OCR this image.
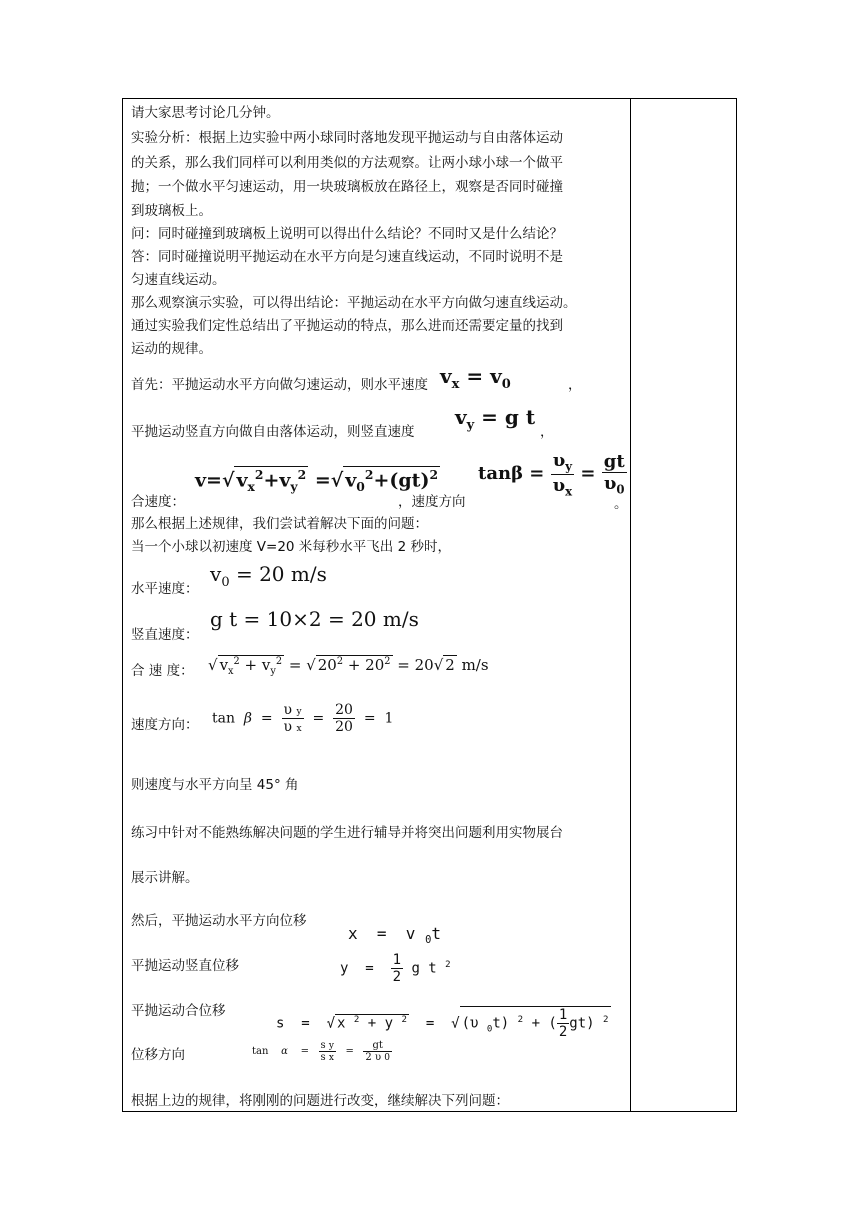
请大家思考讨论几分钟。
实验分析：根据上边实验中两小球同时落地发现平抛运动与自由落体运动
的关系，那么我们同样可以利用类似的方法观察。让两小球小球一个做平
抛；一个做水平匀速运动，用一块玻璃板放在路径上，观察是否同时碰撞
到玻璃板上。
问：同时碰撞到玻璃板上说明可以得出什么结论？不同时又是什么结论？
答：同时碰撞说明平抛运动在水平方向是匀速直线运动，不同时说明不是
匀速直线运动。
那么观察演示实验，可以得出结论：平抛运动在水平方向做匀速直线运动。
通过实验我们定性总结出了平抛运动的特点，那么进而还需要定量的找到
运动的规律。
首先：平抛运动水平方向做匀速运动，则水平速度 $v_x = v_0$	，
平抛运动竖直方向做自由落体运动，则竖直速度
$v_y = g$ t
，
合速度：
v=√ $v_x^2+v_y^2$ =√ $v_0^2+(gt)^2$
，速度方向
$\tan\beta = \frac{\upsilon_y}{\upsilon_x} = \frac{gt}{\upsilon_0}$
。
那么根据上述规律，我们尝试着解决下面的问题：
当一个小球以初速度 V=20 米每秒水平飞出 2 秒时，
水平速度：
$v_0 = 20$ m/s
竖直速度：
g t = 10×2 = 20 m/s
合 速 度： √ $v_x^2 + v_y^2$ = √ $20^2 + 20^2 = 20√$ 2 m/s
速度方向： $\tan \beta = \frac{\text{υ y}}{\text{υ x}} = \frac{20}{20} = 1$
则速度与水平方向呈 45° 角
练习中针对不能熟练解决问题的学生进行辅导并将突出问题利用实物展台
展示讲解。
然后，平抛运动水平方向位移
x  =  v $_0$t
平抛运动竖直位移	$y = \frac{1}{2}$ g t $^2$
平抛运动合位移
s  =  √ x $^2$ + y $^2$  =  √ (υ $_0$t) $^2$ + ( $\frac{1}{2} gt$) $^2$
位移方向	tan    α    = $\frac{\text{s y}}{\text{s x}} = \frac{gt}{2 \upsilon 0}$
根据上边的规律，将刚刚的问题进行改变，继续解决下列问题：
